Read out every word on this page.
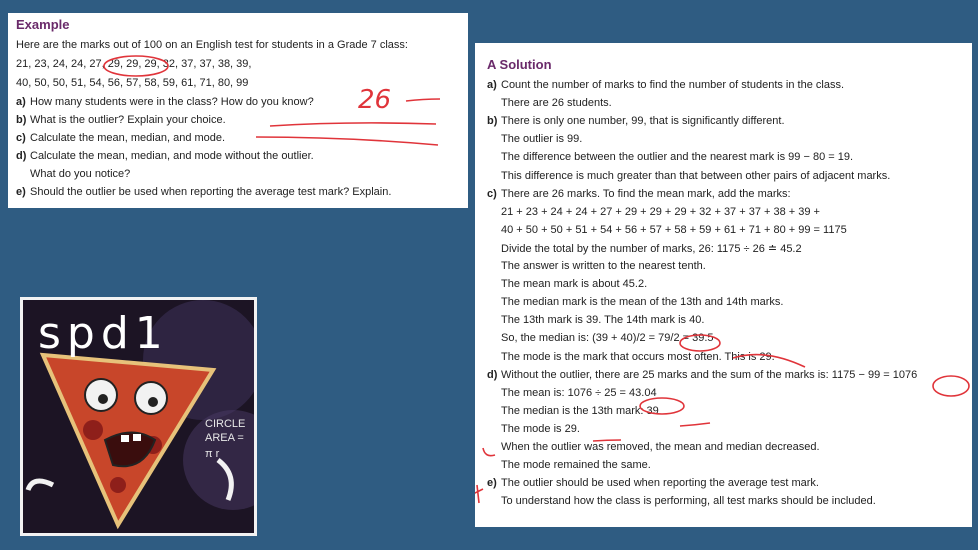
Example
Here are the marks out of 100 on an English test for students in a Grade 7 class:
21, 23, 24, 24, 27, 29, 29, 29, 32, 37, 37, 38, 39,
40, 50, 50, 51, 54, 56, 57, 58, 59, 61, 71, 80, 99
a) How many students were in the class? How do you know?
b) What is the outlier? Explain your choice.
c) Calculate the mean, median, and mode.
d) Calculate the mean, median, and mode without the outlier.
What do you notice?
e) Should the outlier be used when reporting the average test mark? Explain.
26
A Solution
a) Count the number of marks to find the number of students in the class.
There are 26 students.
b) There is only one number, 99, that is significantly different.
The outlier is 99.
The difference between the outlier and the nearest mark is 99 − 80 = 19.
This difference is much greater than that between other pairs of adjacent marks.
c) There are 26 marks. To find the mean mark, add the marks:
21 + 23 + 24 + 24 + 27 + 29 + 29 + 29 + 32 + 37 + 37 + 38 + 39 +
40 + 50 + 50 + 51 + 54 + 56 + 57 + 58 + 59 + 61 + 71 + 80 + 99 = 1175
Divide the total by the number of marks, 26: 1175 ÷ 26 ≐ 45.2
The answer is written to the nearest tenth.
The mean mark is about 45.2.
The median mark is the mean of the 13th and 14th marks.
The 13th mark is 39. The 14th mark is 40.
So, the median is: (39 + 40)/2 = 79/2 = 39.5
The mode is the mark that occurs most often. This is 29.
d) Without the outlier, there are 25 marks and the sum of the marks is: 1175 − 99 = 1076
The mean is: 1076 ÷ 25 = 43.04
The median is the 13th mark: 39
The mode is 29.
When the outlier was removed, the mean and median decreased.
The mode remained the same.
e) The outlier should be used when reporting the average test mark.
To understand how the class is performing, all test marks should be included.
spd1
CIRCLE
AREA =
π r
